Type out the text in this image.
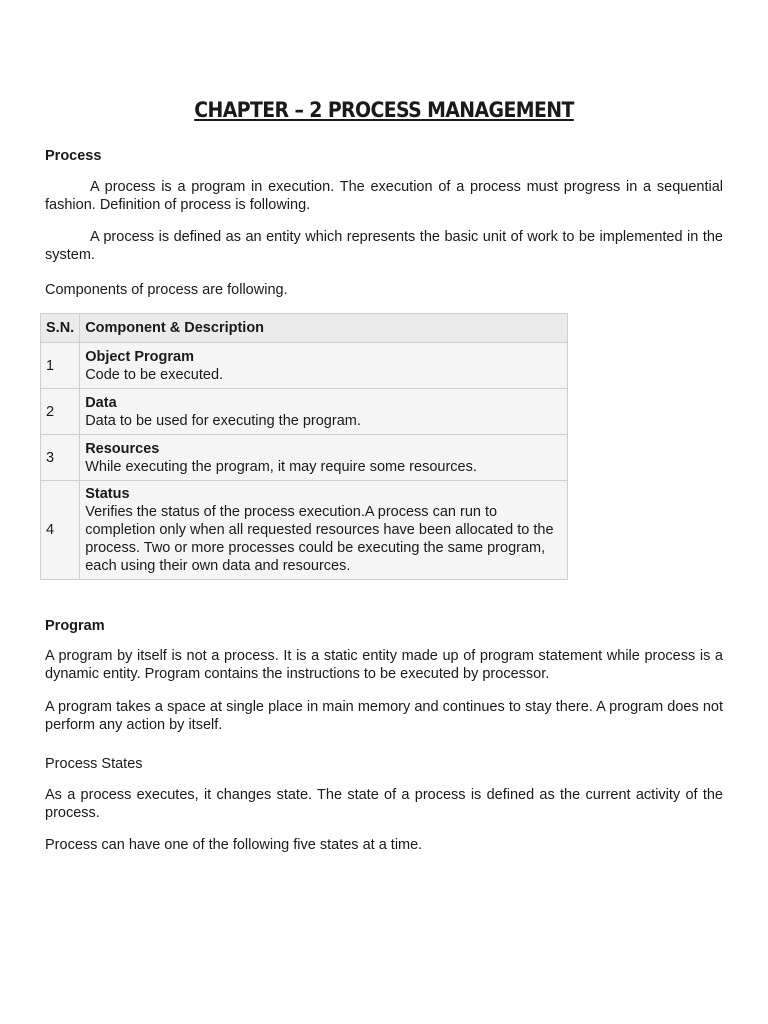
CHAPTER – 2 PROCESS MANAGEMENT
Process
A process is a program in execution. The execution of a process must progress in a sequential fashion. Definition of process is following.
A process is defined as an entity which represents the basic unit of work to be implemented in the system.
Components of process are following.
S.N.	Component & Description
1	Object Program
Code to be executed.

2	Data
Data to be used for executing the program.

3	Resources
While executing the program, it may require some resources.

4	Status
Verifies the status of the process execution.A process can run to completion only when all requested resources have been allocated to the process. Two or more processes could be executing the same program, each using their own data and resources.
Program
A program by itself is not a process. It is a static entity made up of program statement while process is a dynamic entity. Program contains the instructions to be executed by processor.
A program takes a space at single place in main memory and continues to stay there. A program does not perform any action by itself.
Process States
As a process executes, it changes state. The state of a process is defined as the current activity of the process.
Process can have one of the following five states at a time.
